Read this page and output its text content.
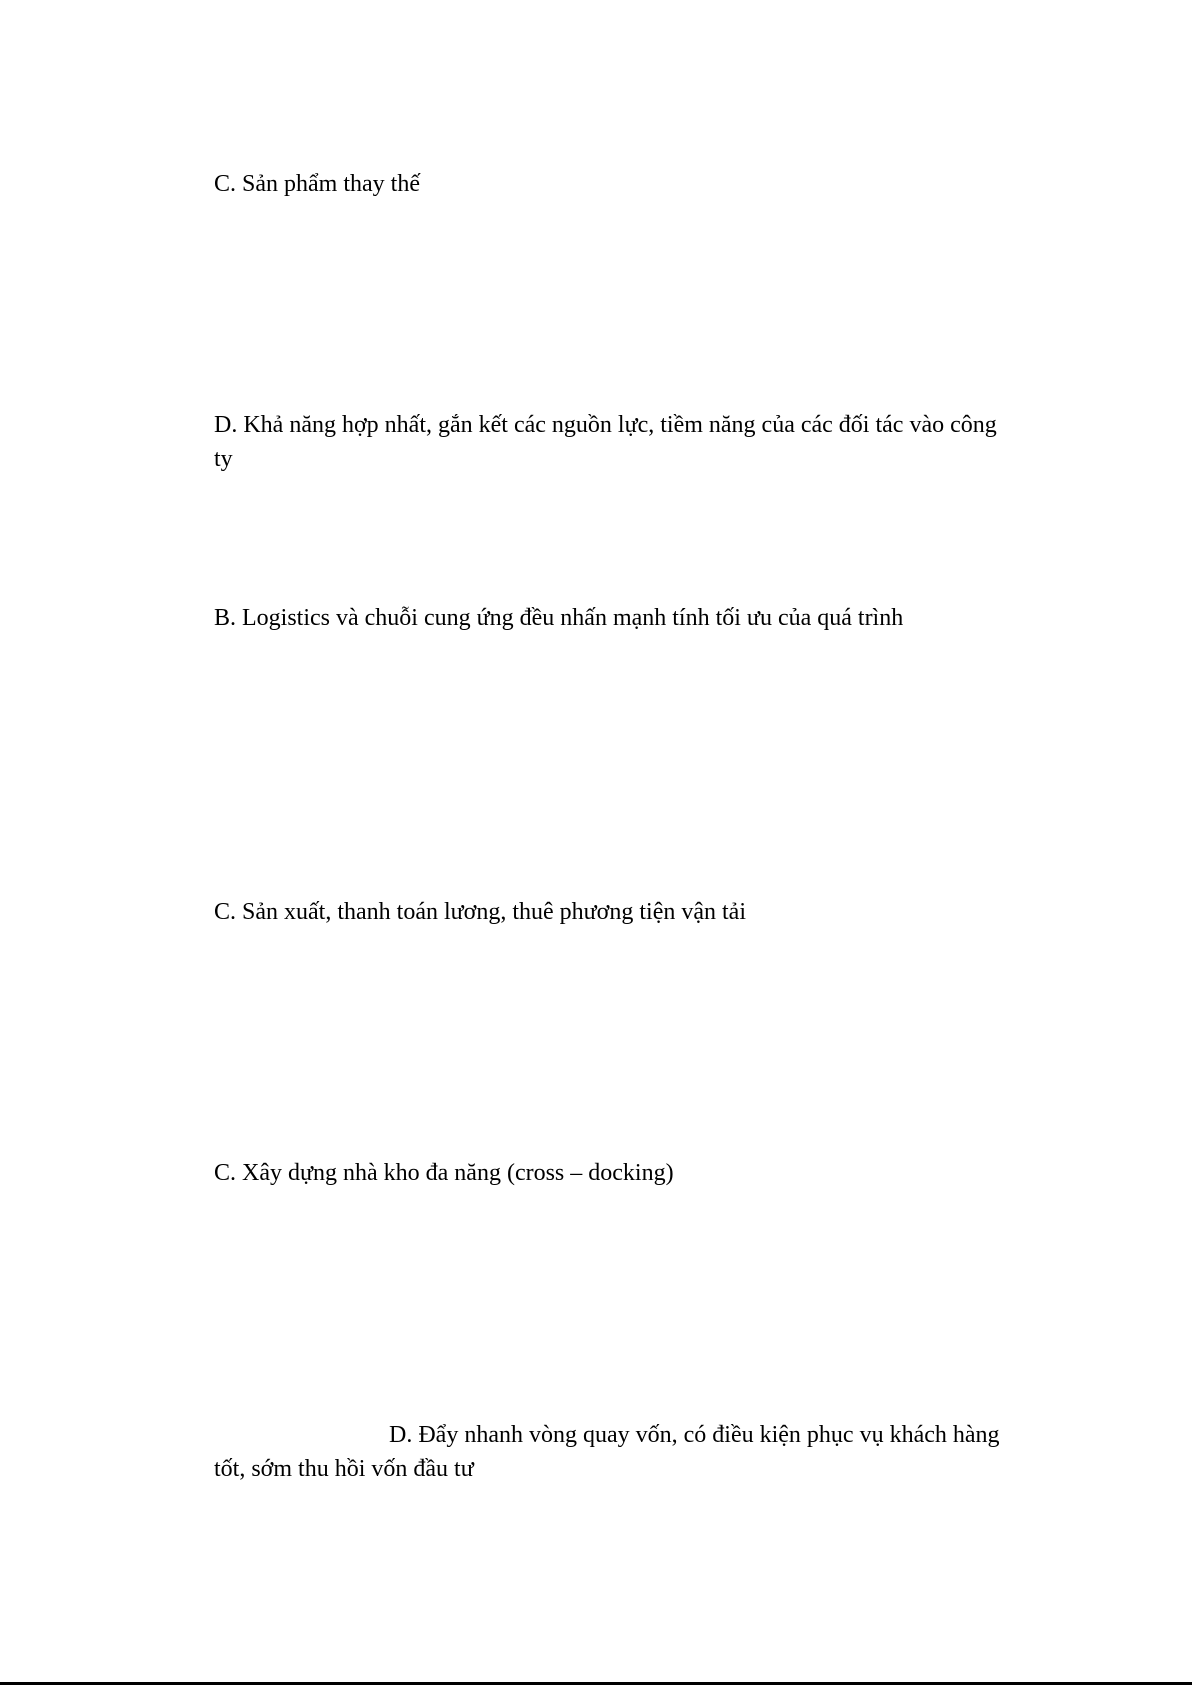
C. Sản phẩm thay thế

D. Khả năng hợp nhất, gắn kết các nguồn lực, tiềm năng của các đối tác vào công ty

B. Logistics và chuỗi cung ứng đều nhấn mạnh tính tối ưu của quá trình

C. Sản xuất, thanh toán lương, thuê phương tiện vận tải

C. Xây dựng nhà kho đa năng (cross – docking)

D. Đẩy nhanh vòng quay vốn, có điều kiện phục vụ khách hàng tốt, sớm thu hồi vốn đầu tư
